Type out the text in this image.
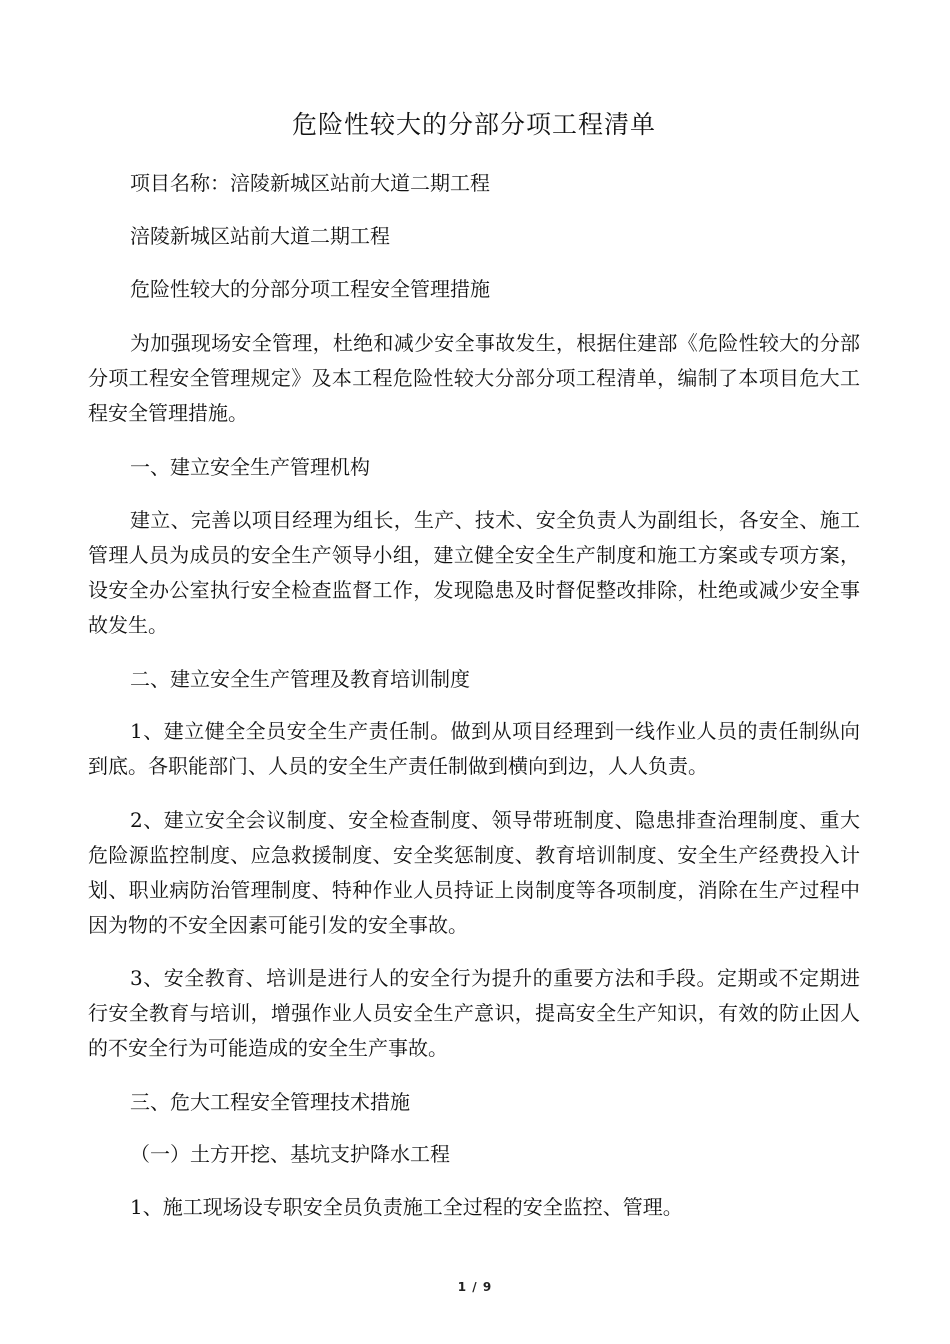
危险性较大的分部分项工程清单

项目名称：涪陵新城区站前大道二期工程

涪陵新城区站前大道二期工程

危险性较大的分部分项工程安全管理措施

为加强现场安全管理，杜绝和减少安全事故发生，根据住建部《危险性较大的分部分项工程安全管理规定》及本工程危险性较大分部分项工程清单，编制了本项目危大工程安全管理措施。

一、建立安全生产管理机构

建立、完善以项目经理为组长，生产、技术、安全负责人为副组长，各安全、施工管理人员为成员的安全生产领导小组，建立健全安全生产制度和施工方案或专项方案，设安全办公室执行安全检查监督工作，发现隐患及时督促整改排除，杜绝或减少安全事故发生。

二、建立安全生产管理及教育培训制度

1、建立健全全员安全生产责任制。做到从项目经理到一线作业人员的责任制纵向到底。各职能部门、人员的安全生产责任制做到横向到边，人人负责。

2、建立安全会议制度、安全检查制度、领导带班制度、隐患排查治理制度、重大危险源监控制度、应急救援制度、安全奖惩制度、教育培训制度、安全生产经费投入计划、职业病防治管理制度、特种作业人员持证上岗制度等各项制度，消除在生产过程中因为物的不安全因素可能引发的安全事故。

3、安全教育、培训是进行人的安全行为提升的重要方法和手段。定期或不定期进行安全教育与培训，增强作业人员安全生产意识，提高安全生产知识，有效的防止因人的不安全行为可能造成的安全生产事故。

三、危大工程安全管理技术措施

（一）土方开挖、基坑支护降水工程

1、施工现场设专职安全员负责施工全过程的安全监控、管理。

1 / 9
